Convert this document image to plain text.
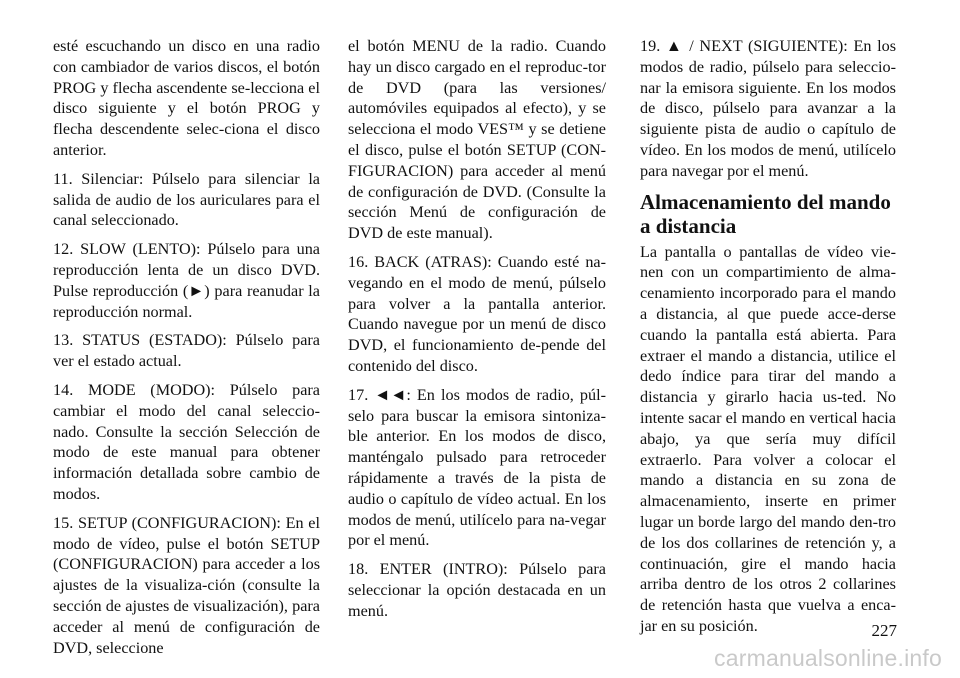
esté escuchando un disco en una radio con cambiador de varios discos, el botón PROG y flecha ascendente se-lecciona el disco siguiente y el botón PROG y flecha descendente selec-ciona el disco anterior.

11. Silenciar: Púlselo para silenciar la salida de audio de los auriculares para el canal seleccionado.

12. SLOW (LENTO): Púlselo para una reproducción lenta de un disco DVD. Pulse reproducción (►) para reanudar la reproducción normal.

13. STATUS (ESTADO): Púlselo para ver el estado actual.

14. MODE (MODO): Púlselo para cambiar el modo del canal seleccio-nado. Consulte la sección Selección de modo de este manual para obtener información detallada sobre cambio de modos.

15. SETUP (CONFIGURACION): En el modo de vídeo, pulse el botón SETUP (CONFIGURACION) para acceder a los ajustes de la visualiza-ción (consulte la sección de ajustes de visualización), para acceder al menú de configuración de DVD, seleccione

el botón MENU de la radio. Cuando hay un disco cargado en el reproduc-tor de DVD (para las versiones/ automóviles equipados al efecto), y se selecciona el modo VES™ y se detiene el disco, pulse el botón SETUP (CON-FIGURACION) para acceder al menú de configuración de DVD. (Consulte la sección Menú de configuración de DVD de este manual).

16. BACK (ATRAS): Cuando esté na-vegando en el modo de menú, púlselo para volver a la pantalla anterior. Cuando navegue por un menú de disco DVD, el funcionamiento de-pende del contenido del disco.

17. ◄◄: En los modos de radio, púl-selo para buscar la emisora sintoniza-ble anterior. En los modos de disco, manténgalo pulsado para retroceder rápidamente a través de la pista de audio o capítulo de vídeo actual. En los modos de menú, utilícelo para na-vegar por el menú.

18. ENTER (INTRO): Púlselo para seleccionar la opción destacada en un menú.

19. ▲ / NEXT (SIGUIENTE): En los modos de radio, púlselo para seleccio-nar la emisora siguiente. En los modos de disco, púlselo para avanzar a la siguiente pista de audio o capítulo de vídeo. En los modos de menú, utilícelo para navegar por el menú.

Almacenamiento del mando a distancia

La pantalla o pantallas de vídeo vie-nen con un compartimiento de alma-cenamiento incorporado para el mando a distancia, al que puede acce-derse cuando la pantalla está abierta. Para extraer el mando a distancia, utilice el dedo índice para tirar del mando a distancia y girarlo hacia us-ted. No intente sacar el mando en vertical hacia abajo, ya que sería muy difícil extraerlo. Para volver a colocar el mando a distancia en su zona de almacenamiento, inserte en primer lugar un borde largo del mando den-tro de los dos collarines de retención y, a continuación, gire el mando hacia arriba dentro de los otros 2 collarines de retención hasta que vuelva a enca-jar en su posición.	227
carmanualsonline.info
